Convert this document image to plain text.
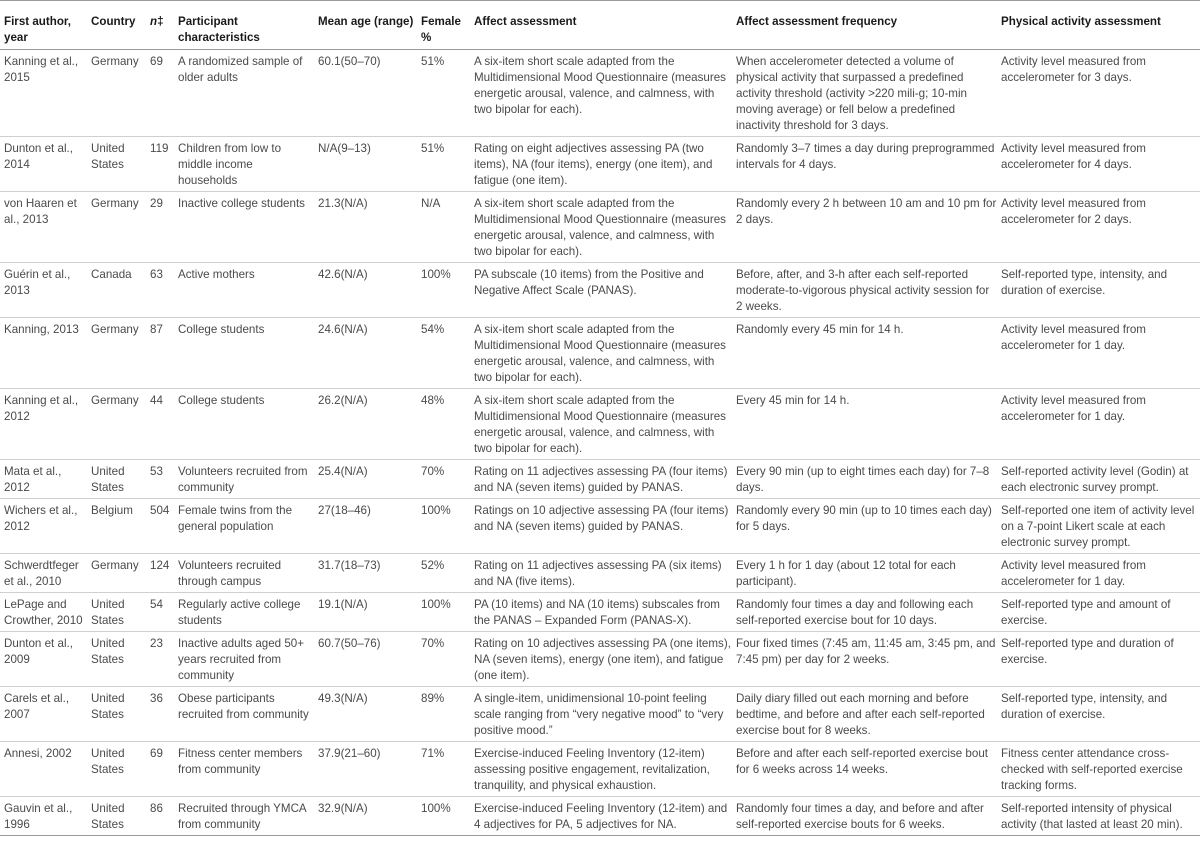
First author, year	Country	n‡	Participant characteristics	Mean age (range)	Female %	Affect assessment	Affect assessment frequency	Physical activity assessment
Kanning et al., 2015	Germany	69	A randomized sample of older adults	60.1(50–70)	51%	A six-item short scale adapted from the Multidimensional Mood Questionnaire (measures energetic arousal, valence, and calmness, with two bipolar for each).	When accelerometer detected a volume of physical activity that surpassed a predefined activity threshold (activity >220 mili-g; 10-min moving average) or fell below a predefined inactivity threshold for 3 days.	Activity level measured from accelerometer for 3 days.
Dunton et al., 2014	United States	119	Children from low to middle income households	N/A(9–13)	51%	Rating on eight adjectives assessing PA (two items), NA (four items), energy (one item), and fatigue (one item).	Randomly 3–7 times a day during preprogrammed intervals for 4 days.	Activity level measured from accelerometer for 4 days.
von Haaren et al., 2013	Germany	29	Inactive college students	21.3(N/A)	N/A	A six-item short scale adapted from the Multidimensional Mood Questionnaire (measures energetic arousal, valence, and calmness, with two bipolar for each).	Randomly every 2 h between 10 am and 10 pm for 2 days.	Activity level measured from accelerometer for 2 days.
Guérin et al., 2013	Canada	63	Active mothers	42.6(N/A)	100%	PA subscale (10 items) from the Positive and Negative Affect Scale (PANAS).	Before, after, and 3-h after each self-reported moderate-to-vigorous physical activity session for 2 weeks.	Self-reported type, intensity, and duration of exercise.
Kanning, 2013	Germany	87	College students	24.6(N/A)	54%	A six-item short scale adapted from the Multidimensional Mood Questionnaire (measures energetic arousal, valence, and calmness, with two bipolar for each).	Randomly every 45 min for 14 h.	Activity level measured from accelerometer for 1 day.
Kanning et al., 2012	Germany	44	College students	26.2(N/A)	48%	A six-item short scale adapted from the Multidimensional Mood Questionnaire (measures energetic arousal, valence, and calmness, with two bipolar for each).	Every 45 min for 14 h.	Activity level measured from accelerometer for 1 day.
Mata et al., 2012	United States	53	Volunteers recruited from community	25.4(N/A)	70%	Rating on 11 adjectives assessing PA (four items) and NA (seven items) guided by PANAS.	Every 90 min (up to eight times each day) for 7–8 days.	Self-reported activity level (Godin) at each electronic survey prompt.
Wichers et al., 2012	Belgium	504	Female twins from the general population	27(18–46)	100%	Ratings on 10 adjective assessing PA (four items) and NA (seven items) guided by PANAS.	Randomly every 90 min (up to 10 times each day) for 5 days.	Self-reported one item of activity level on a 7-point Likert scale at each electronic survey prompt.
Schwerdtfeger et al., 2010	Germany	124	Volunteers recruited through campus	31.7(18–73)	52%	Rating on 11 adjectives assessing PA (six items) and NA (five items).	Every 1 h for 1 day (about 12 total for each participant).	Activity level measured from accelerometer for 1 day.
LePage and Crowther, 2010	United States	54	Regularly active college students	19.1(N/A)	100%	PA (10 items) and NA (10 items) subscales from the PANAS – Expanded Form (PANAS-X).	Randomly four times a day and following each self-reported exercise bout for 10 days.	Self-reported type and amount of exercise.
Dunton et al., 2009	United States	23	Inactive adults aged 50+ years recruited from community	60.7(50–76)	70%	Rating on 10 adjectives assessing PA (one items), NA (seven items), energy (one item), and fatigue (one item).	Four fixed times (7:45 am, 11:45 am, 3:45 pm, and 7:45 pm) per day for 2 weeks.	Self-reported type and duration of exercise.
Carels et al., 2007	United States	36	Obese participants recruited from community	49.3(N/A)	89%	A single-item, unidimensional 10-point feeling scale ranging from “very negative mood” to “very positive mood.”	Daily diary filled out each morning and before bedtime, and before and after each self-reported exercise bout for 8 weeks.	Self-reported type, intensity, and duration of exercise.
Annesi, 2002	United States	69	Fitness center members from community	37.9(21–60)	71%	Exercise-induced Feeling Inventory (12-item) assessing positive engagement, revitalization, tranquility, and physical exhaustion.	Before and after each self-reported exercise bout for 6 weeks across 14 weeks.	Fitness center attendance cross-checked with self-reported exercise tracking forms.
Gauvin et al., 1996	United States	86	Recruited through YMCA from community	32.9(N/A)	100%	Exercise-induced Feeling Inventory (12-item) and 4 adjectives for PA, 5 adjectives for NA.	Randomly four times a day, and before and after self-reported exercise bouts for 6 weeks.	Self-reported intensity of physical activity (that lasted at least 20 min).
